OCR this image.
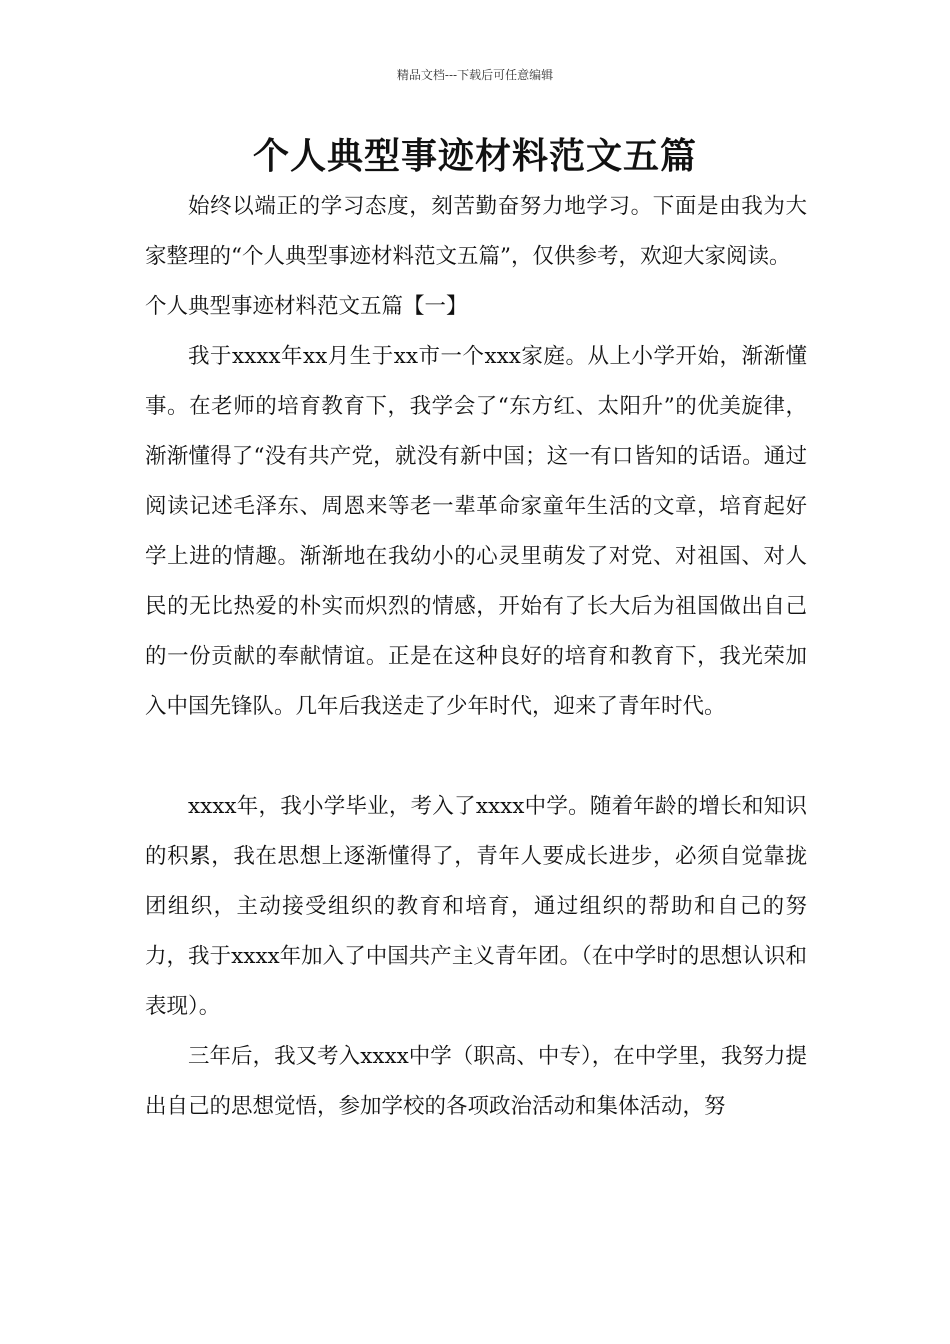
精品文档---下载后可任意编辑
个人典型事迹材料范文五篇

始终以端正的学习态度，刻苦勤奋努力地学习。下面是由我为大家整理的“个人典型事迹材料范文五篇”，仅供参考，欢迎大家阅读。

个人典型事迹材料范文五篇【一】

我于xxxx年xx月生于xx市一个xxx家庭。从上小学开始，渐渐懂事。在老师的培育教育下，我学会了“东方红、太阳升”的优美旋律，渐渐懂得了“没有共产党，就没有新中国；这一有口皆知的话语。通过阅读记述毛泽东、周恩来等老一辈革命家童年生活的文章，培育起好学上进的情趣。渐渐地在我幼小的心灵里萌发了对党、对祖国、对人民的无比热爱的朴实而炽烈的情感，开始有了长大后为祖国做出自己的一份贡献的奉献情谊。正是在这种良好的培育和教育下，我光荣加入中国先锋队。几年后我送走了少年时代，迎来了青年时代。

xxxx年，我小学毕业，考入了xxxx中学。随着年龄的增长和知识的积累，我在思想上逐渐懂得了，青年人要成长进步，必须自觉靠拢团组织，主动接受组织的教育和培育，通过组织的帮助和自己的努力，我于xxxx年加入了中国共产主义青年团。（在中学时的思想认识和表现）。

三年后，我又考入xxxx中学（职高、中专），在中学里，我努力提出自己的思想觉悟，参加学校的各项政治活动和集体活动，努
